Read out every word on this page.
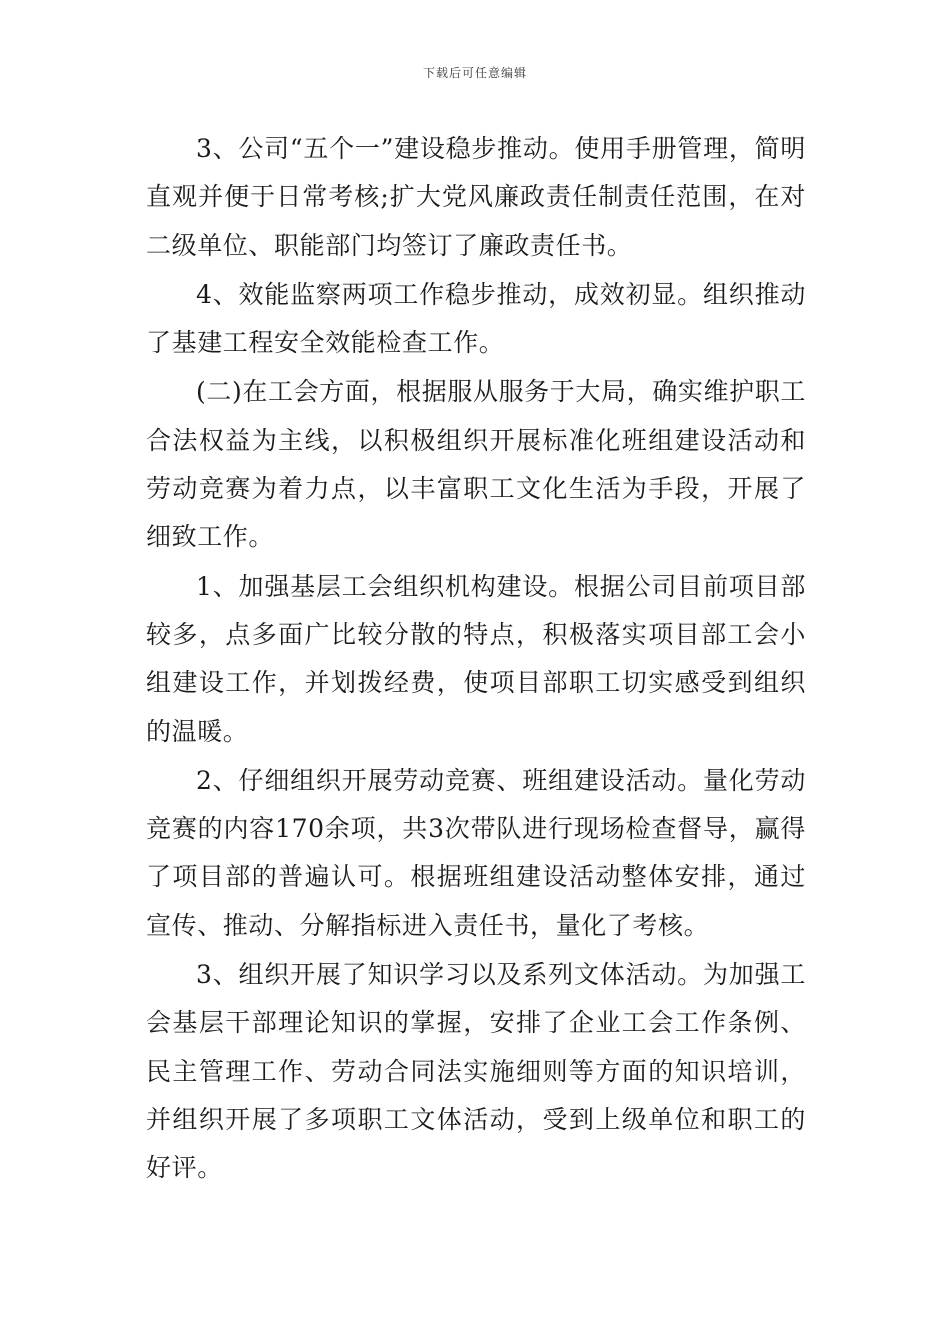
下载后可任意编辑

3、公司“五个一”建设稳步推动。使用手册管理，简明直观并便于日常考核;扩大党风廉政责任制责任范围，在对二级单位、职能部门均签订了廉政责任书。

4、效能监察两项工作稳步推动，成效初显。组织推动了基建工程安全效能检查工作。

(二)在工会方面，根据服从服务于大局，确实维护职工合法权益为主线，以积极组织开展标准化班组建设活动和劳动竞赛为着力点，以丰富职工文化生活为手段，开展了细致工作。

1、加强基层工会组织机构建设。根据公司目前项目部较多，点多面广比较分散的特点，积极落实项目部工会小组建设工作，并划拨经费，使项目部职工切实感受到组织的温暖。

2、仔细组织开展劳动竞赛、班组建设活动。量化劳动竞赛的内容170余项，共3次带队进行现场检查督导，赢得了项目部的普遍认可。根据班组建设活动整体安排，通过宣传、推动、分解指标进入责任书，量化了考核。

3、组织开展了知识学习以及系列文体活动。为加强工会基层干部理论知识的掌握，安排了企业工会工作条例、民主管理工作、劳动合同法实施细则等方面的知识培训，并组织开展了多项职工文体活动，受到上级单位和职工的好评。
